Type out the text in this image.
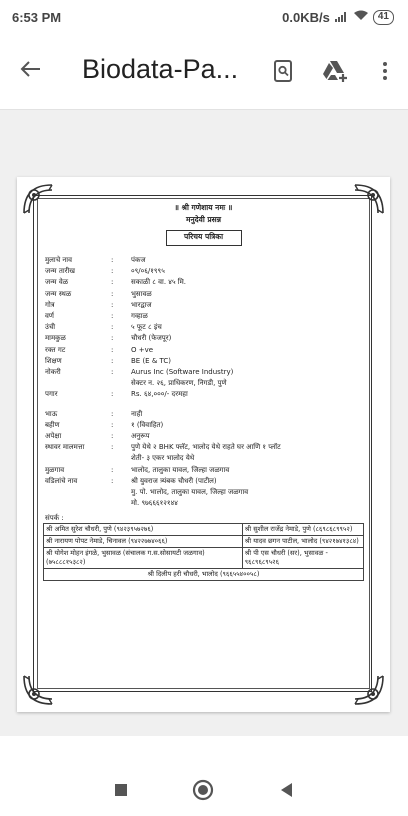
6:53 PM	0.0KB/s	41
Biodata-Pa...
॥ श्री गणेशाय नमः ॥
मनुदेवी प्रसन्न
परिचय पत्रिका
मुलाचे नाव	:	पंकज
जन्म तारीख	:	०९/०६/१९९५
जन्म वेळ	:	सकाळी ८ वा. ४५ मि.
जन्म स्थळ	:	भुसावळ
गोत्र	:	भारद्वाज
वर्ण	:	गव्हाळ
उंची	:	५ फूट ८ इंच
मामकुळ	:	चौधरी (फेजपूर)
रक्त गट	:	O +ve
शिक्षण	:	BE (E & TC)
नोकरी	:	Aurus Inc (Software Industry)
सेक्टर न. २६, प्राधिकरण, निगडी, पुणे
पगार	:	Rs. ६४,०००/- दरमहा
भाऊ	:	नाही
बहीण	:	१ (विवाहित)
अपेक्षा	:	अनुरूप
स्थावर मालमत्ता	:	पुणे येथे २ BHK फ्लॅट, भालोद येथे राहते घर आणि १ प्लॉट
शेती- ३ एकर भालोद येथे
मुळगाव	:	भालोद, तालुका यावल, जिल्हा जळगाव
वडिलांचे नाव	:	श्री युवराज त्र्यंबक चौधरी (पाटील)
मु. पो. भालोद, तालुका यावल, जिल्हा जळगाव
मो. ९७६६६१२१४४
संपर्क :
श्री अमित सुरेश चौधरी, पुणे (९४२३९५७२७६)	श्री सुशील राजेंद्र नेमाडे, पुणे (८६९८६८९९५२)
श्री नारायण पोपट नेमाडे, चिनावल (९४२२७७४०६६)	श्री यादव छगन पाटील, भालोद (९४२१७४१३८४)
श्री योगेश मोहन इंगळे, भुसावळ (संचालक ग.स.सोसायटी जळगाव) (७५८८८१५३८२)	श्री पी एस चौधरी (सर), भुसावळ - ९६८९६८९५२६
श्री दिलीप हरी चौधरी, भालोद (९६६५५४००५८)	
